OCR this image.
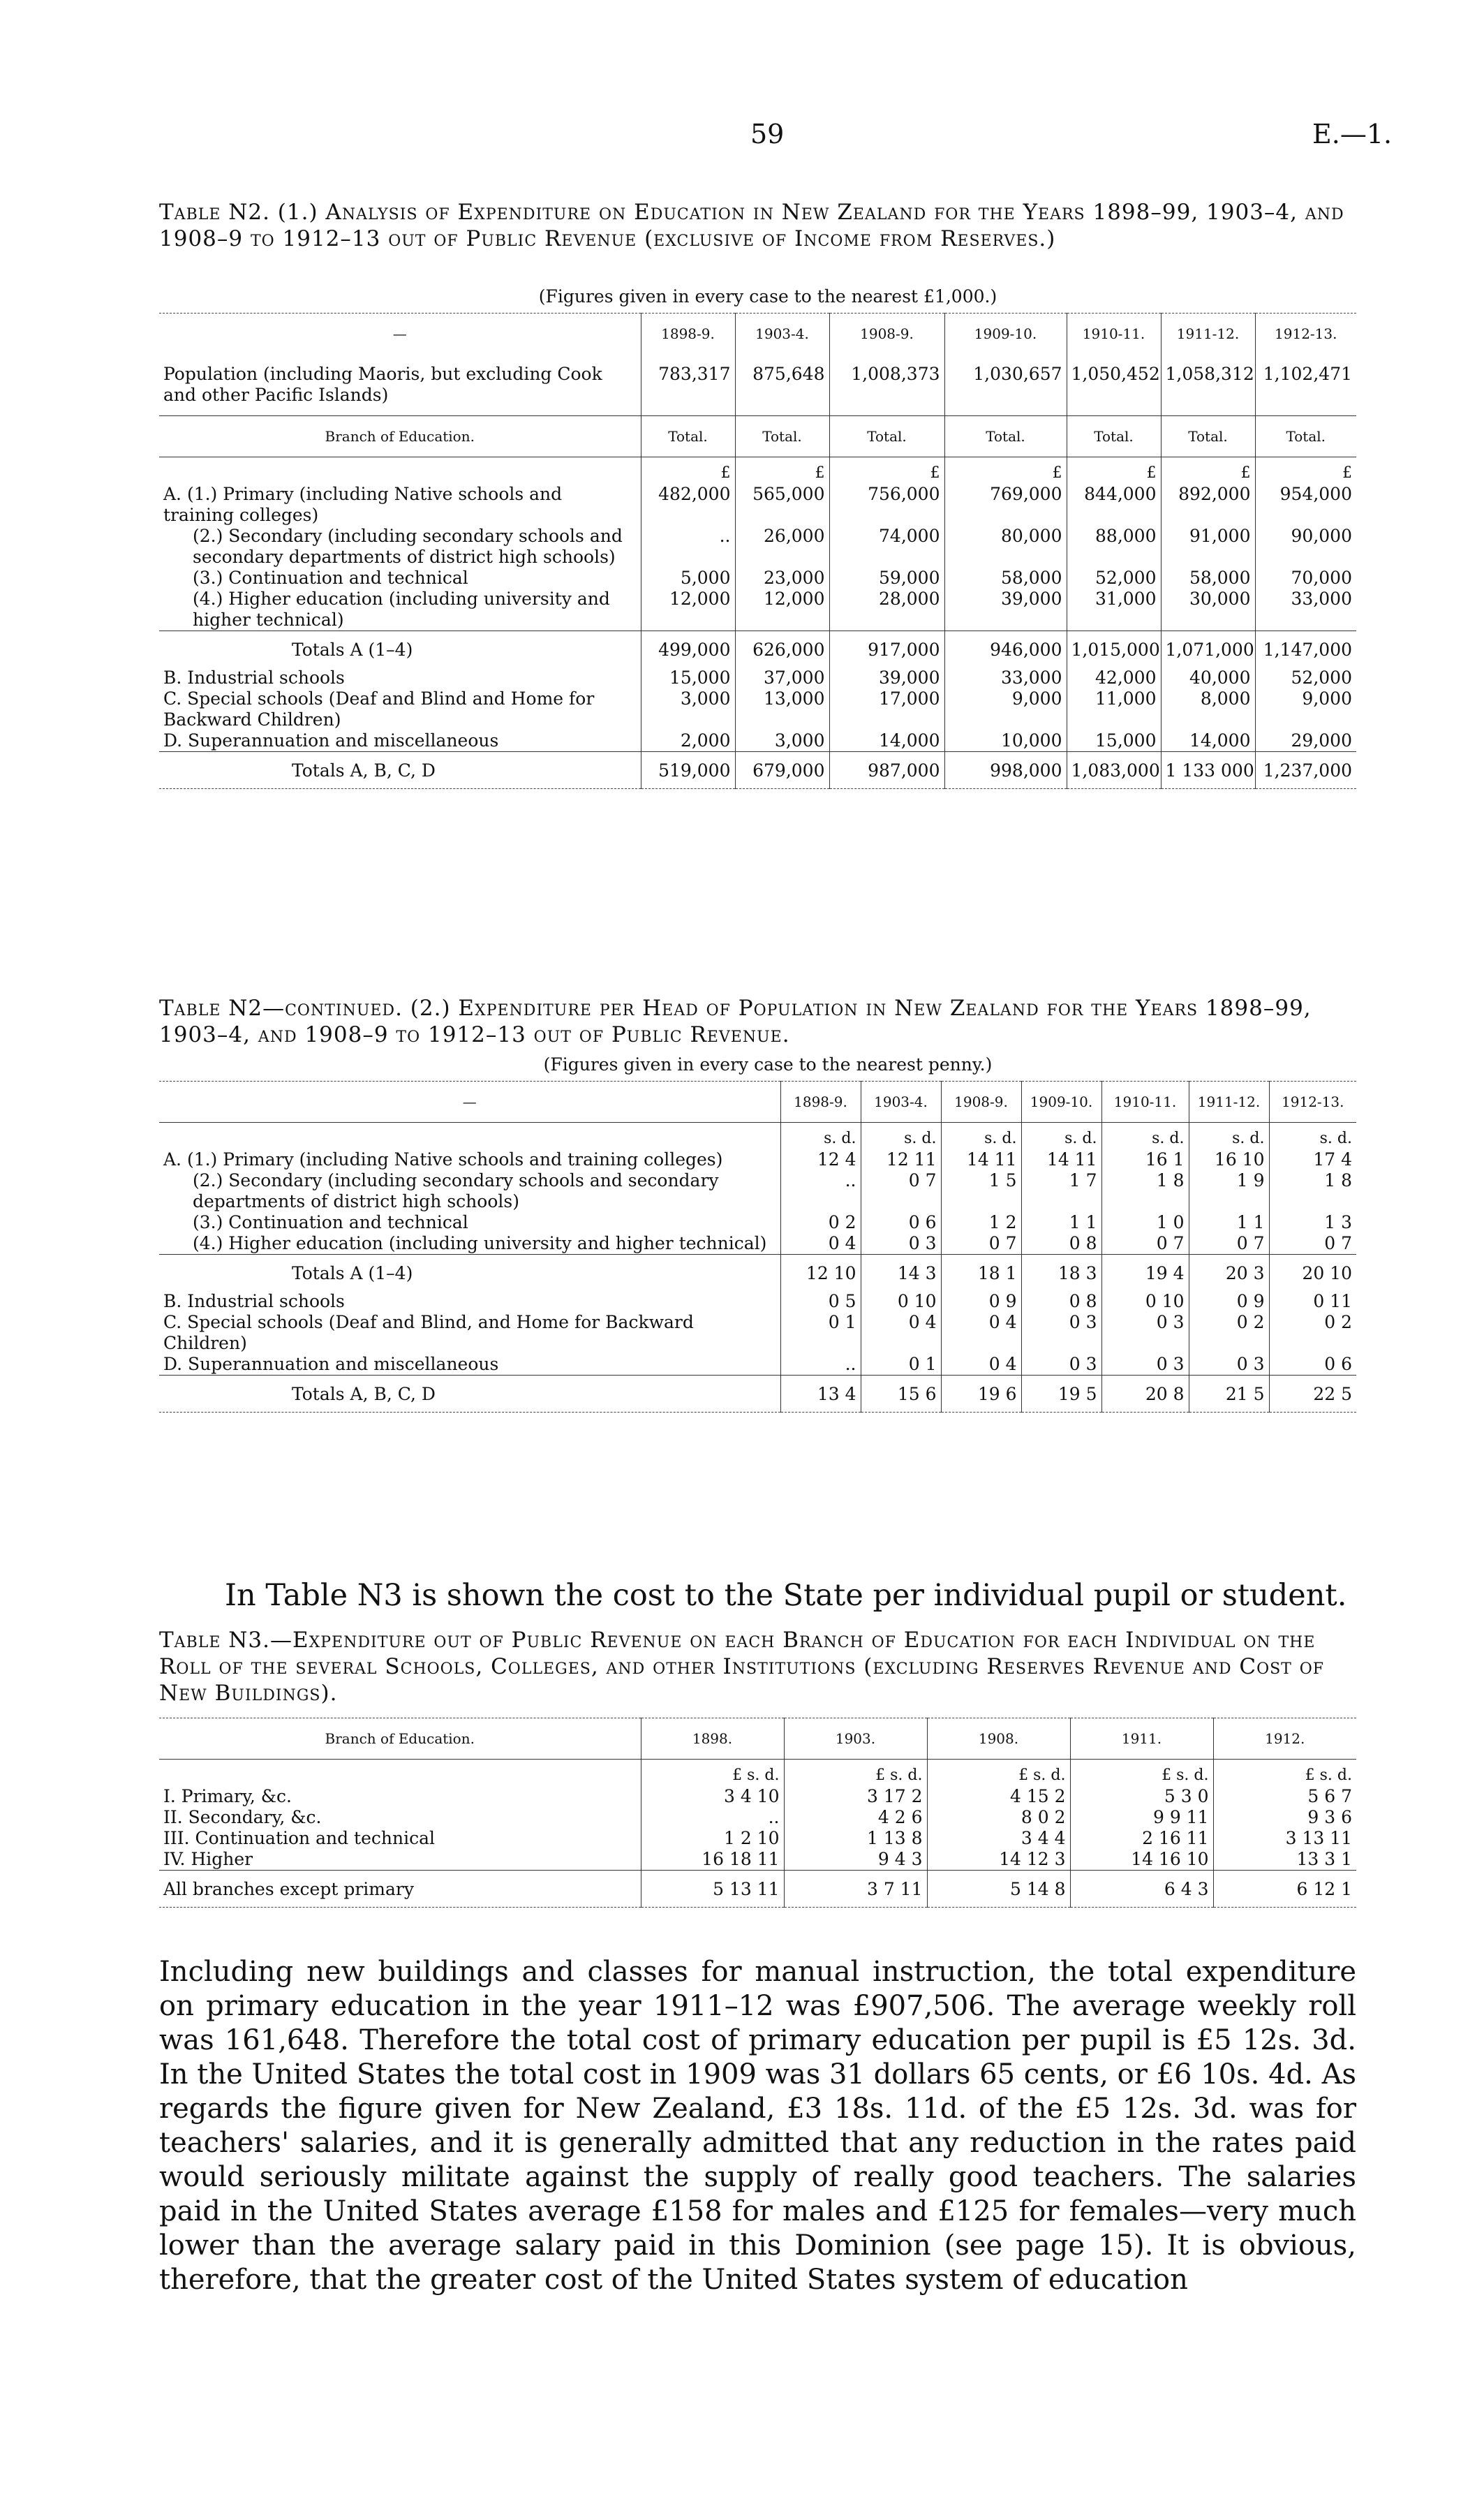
59	E.—1.
Table N2. (1.) Analysis of Expenditure on Education in New Zealand for the Years 1898–99, 1903–4, and 1908–9 to 1912–13 out of Public Revenue (exclusive of Income from Reserves.)
(Figures given in every case to the nearest £1,000.)
—	1898-9.	1903-4.	1908-9.	1909-10.	1910-11.	1911-12.	1912-13.
Population (including Maoris, but excluding Cook and other Pacific Islands)	783,317	875,648	1,008,373	1,030,657	1,050,452	1,058,312	1,102,471
Branch of Education.	Total.	Total.	Total.	Total.	Total.	Total.	Total.
	£	£	£	£	£	£	£
A. (1.) Primary (including Native schools and training colleges)	482,000	565,000	756,000	769,000	844,000	892,000	954,000
(2.) Secondary (including secondary schools and secondary departments of district high schools)	..	26,000	74,000	80,000	88,000	91,000	90,000
(3.) Continuation and technical	5,000	23,000	59,000	58,000	52,000	58,000	70,000
(4.) Higher education (including university and higher technical)	12,000	12,000	28,000	39,000	31,000	30,000	33,000
Totals A (1–4)	499,000	626,000	917,000	946,000	1,015,000	1,071,000	1,147,000
B. Industrial schools	15,000	37,000	39,000	33,000	42,000	40,000	52,000
C. Special schools (Deaf and Blind and Home for Backward Children)	3,000	13,000	17,000	9,000	11,000	8,000	9,000
D. Superannuation and miscellaneous	2,000	3,000	14,000	10,000	15,000	14,000	29,000
Totals A, B, C, D	519,000	679,000	987,000	998,000	1,083,000	1 133 000	1,237,000
Table N2—continued. (2.) Expenditure per Head of Population in New Zealand for the Years 1898–99, 1903–4, and 1908–9 to 1912–13 out of Public Revenue.
(Figures given in every case to the nearest penny.)
—	1898-9.	1903-4.	1908-9.	1909-10.	1910-11.	1911-12.	1912-13.
	s. d.	s. d.	s. d.	s. d.	s. d.	s. d.	s. d.
A. (1.) Primary (including Native schools and training colleges)	12 4	12 11	14 11	14 11	16 1	16 10	17 4
(2.) Secondary (including secondary schools and secondary departments of district high schools)	..	0 7	1 5	1 7	1 8	1 9	1 8
(3.) Continuation and technical	0 2	0 6	1 2	1 1	1 0	1 1	1 3
(4.) Higher education (including university and higher technical)	0 4	0 3	0 7	0 8	0 7	0 7	0 7
Totals A (1–4)	12 10	14 3	18 1	18 3	19 4	20 3	20 10
B. Industrial schools	0 5	0 10	0 9	0 8	0 10	0 9	0 11
C. Special schools (Deaf and Blind, and Home for Backward Children)	0 1	0 4	0 4	0 3	0 3	0 2	0 2
D. Superannuation and miscellaneous	..	0 1	0 4	0 3	0 3	0 3	0 6
Totals A, B, C, D	13 4	15 6	19 6	19 5	20 8	21 5	22 5
In Table N3 is shown the cost to the State per individual pupil or student.
Table N3.—Expenditure out of Public Revenue on each Branch of Education for each Individual on the Roll of the several Schools, Colleges, and other Institutions (excluding Reserves Revenue and Cost of New Buildings).
Branch of Education.	1898.	1903.	1908.	1911.	1912.
	£ s. d.	£ s. d.	£ s. d.	£ s. d.	£ s. d.
I. Primary, &c.	3 4 10	3 17 2	4 15 2	5 3 0	5 6 7
II. Secondary, &c.	..	4 2 6	8 0 2	9 9 11	9 3 6
III. Continuation and technical	1 2 10	1 13 8	3 4 4	2 16 11	3 13 11
IV. Higher	16 18 11	9 4 3	14 12 3	14 16 10	13 3 1
All branches except primary	5 13 11	3 7 11	5 14 8	6 4 3	6 12 1
Including new buildings and classes for manual instruction, the total expenditure on primary education in the year 1911–12 was £907,506. The average weekly roll was 161,648. Therefore the total cost of primary education per pupil is £5 12s. 3d. In the United States the total cost in 1909 was 31 dollars 65 cents, or £6 10s. 4d. As regards the figure given for New Zealand, £3 18s. 11d. of the £5 12s. 3d. was for teachers' salaries, and it is generally admitted that any reduction in the rates paid would seriously militate against the supply of really good teachers. The salaries paid in the United States average £158 for males and £125 for females—very much lower than the average salary paid in this Dominion (see page 15). It is obvious, therefore, that the greater cost of the United States system of education
